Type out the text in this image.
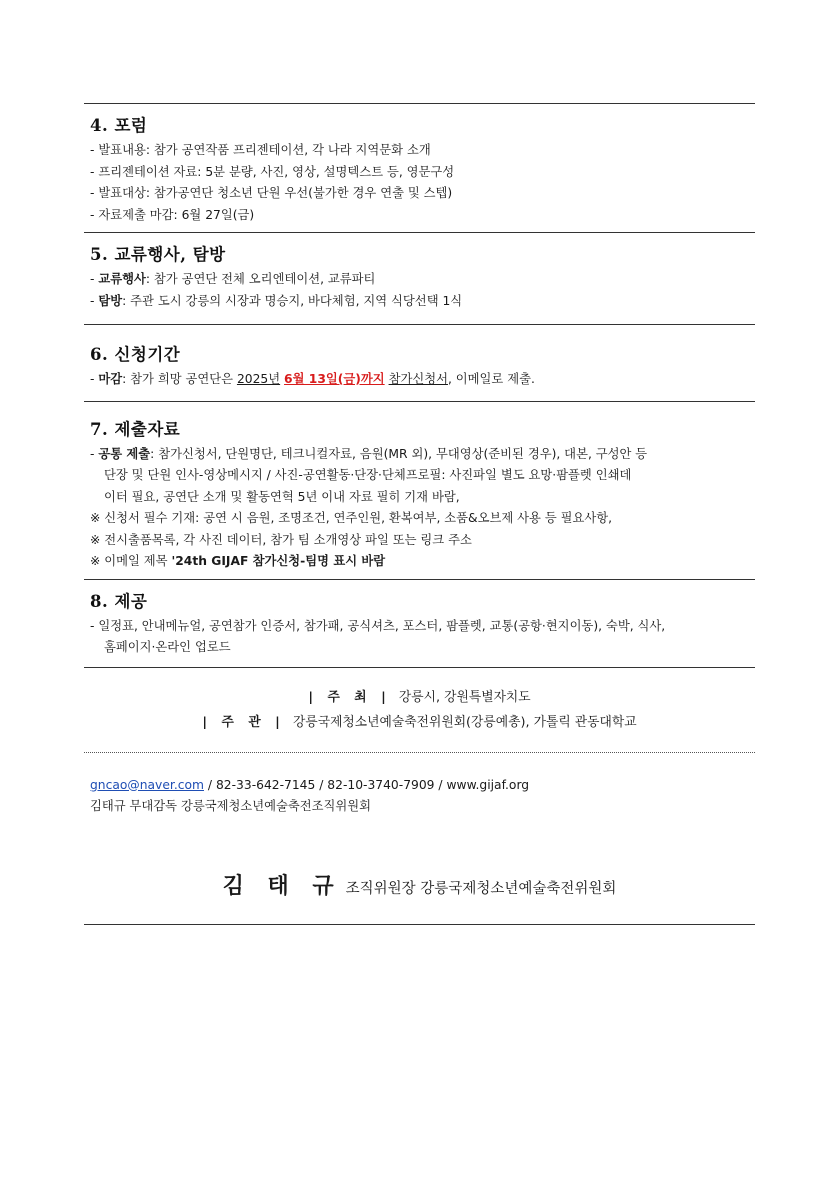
4. 포럼
- 발표내용: 참가 공연작품 프리젠테이션, 각 나라 지역문화 소개
- 프리젠테이션 자료: 5분 분량, 사진, 영상, 설명텍스트 등, 영문구성
- 발표대상: 참가공연단 청소년 단원 우선(불가한 경우 연출 및 스텝)
- 자료제출 마감: 6월 27일(금)
5. 교류행사, 탐방
- 교류행사: 참가 공연단 전체 오리엔테이션, 교류파티
- 탐방: 주관 도시 강릉의 시장과 명승지, 바다체험, 지역 식당선택 1식
6. 신청기간
- 마감: 참가 희망 공연단은 2025년 6월 13일(금)까지 참가신청서, 이메일로 제출.
7. 제출자료
- 공통 제출: 참가신청서, 단원명단, 테크니컬자료, 음원(MR 외), 무대영상(준비된 경우), 대본, 구성안 등
단장 및 단원 인사-영상메시지 / 사진-공연활동·단장·단체프로필: 사진파일 별도 요망·팜플렛 인쇄데
이터 필요, 공연단 소개 및 활동연혁 5년 이내 자료 필히 기재 바람,
※ 신청서 필수 기재: 공연 시 음원, 조명조건, 연주인원, 환복여부, 소품&오브제 사용 등 필요사항,
※ 전시출품목록, 각 사진 데이터, 참가 팀 소개영상 파일 또는 링크 주소
※ 이메일 제목 '24th GIJAF 참가신청-팀명 표시 바람
8. 제공
- 일정표, 안내메뉴얼, 공연참가 인증서, 참가패, 공식셔츠, 포스터, 팜플렛, 교통(공항·현지이동), 숙박, 식사,
홈페이지·온라인 업로드
| 주 최 | 강릉시, 강원특별자치도
| 주 관 | 강릉국제청소년예술축전위원회(강릉예총), 가톨릭 관동대학교
gncao@naver.com / 82-33-642-7145 / 82-10-3740-7909 / www.gijaf.org
김태규 무대감독 강릉국제청소년예술축전조직위원회
김 태 규 조직위원장 강릉국제청소년예술축전위원회
